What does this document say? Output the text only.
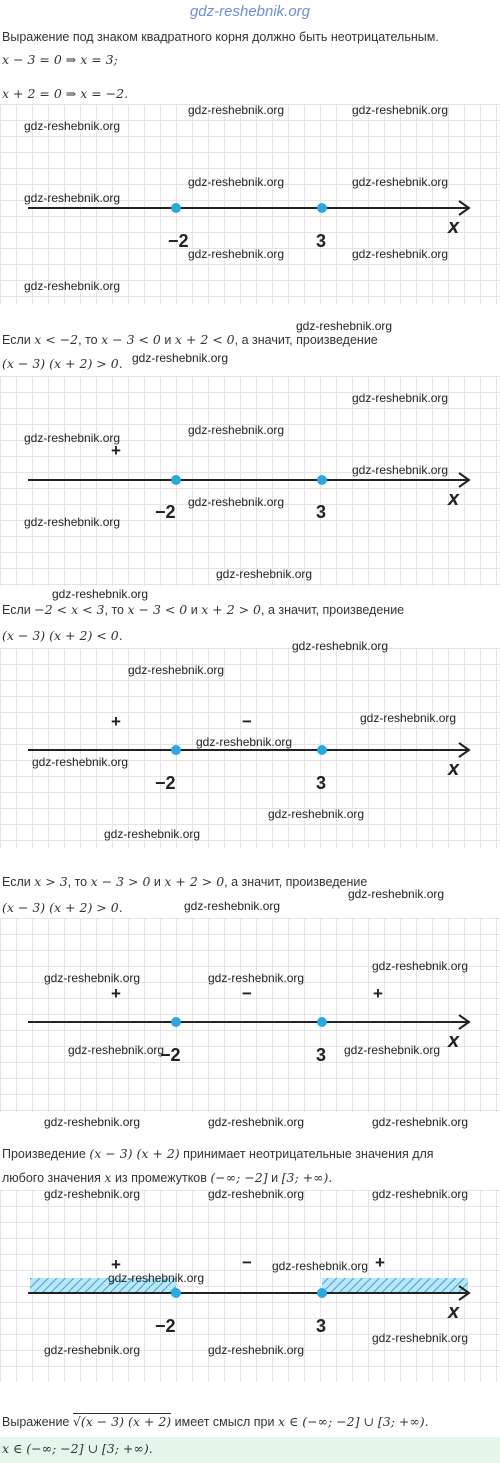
gdz-reshebnik.org
Выражение под знаком квадратного корня должно быть неотрицательным.
x − 3 = 0 ⇒ x = 3;
x + 2 = 0 ⇒ x = −2.
−2	3
x
Если x < −2, то x − 3 < 0 и x + 2 < 0, а значит, произведение
(x − 3) (x + 2) > 0.
+
−2	3
x
Если −2 < x < 3, то x − 3 < 0 и x + 2 > 0, а значит, произведение
(x − 3) (x + 2) < 0.
+	−
−2	3
x
Если x > 3, то x − 3 > 0 и x + 2 > 0, а значит, произведение
(x − 3) (x + 2) > 0.
+	−	+
−2	3
x
Произведение (x − 3) (x + 2) принимает неотрицательные значения для
любого значения x из промежутков (−∞; −2] и [3; +∞).
+	−	+
−2	3
x
Выражение √(x − 3) (x + 2) имеет смысл при x ∈ (−∞; −2] ∪ [3; +∞).
x ∈ (−∞; −2] ∪ [3; +∞).
gdz-reshebnik.org
gdz-reshebnik.org	gdz-reshebnik.org
gdz-reshebnik.org	gdz-reshebnik.org
gdz-reshebnik.org
gdz-reshebnik.org	gdz-reshebnik.org
gdz-reshebnik.org
gdz-reshebnik.org
gdz-reshebnik.org
gdz-reshebnik.org
gdz-reshebnik.org
gdz-reshebnik.org
gdz-reshebnik.org
gdz-reshebnik.org
gdz-reshebnik.org
gdz-reshebnik.org
gdz-reshebnik.org
gdz-reshebnik.org
gdz-reshebnik.org
gdz-reshebnik.org
gdz-reshebnik.org
gdz-reshebnik.org
gdz-reshebnik.org
gdz-reshebnik.org
gdz-reshebnik.org
gdz-reshebnik.org
gdz-reshebnik.org
gdz-reshebnik.org	gdz-reshebnik.org
gdz-reshebnik.org	gdz-reshebnik.org
gdz-reshebnik.org	gdz-reshebnik.org	gdz-reshebnik.org
gdz-reshebnik.org	gdz-reshebnik.org	gdz-reshebnik.org
gdz-reshebnik.org
gdz-reshebnik.org
gdz-reshebnik.org
gdz-reshebnik.org	gdz-reshebnik.org
